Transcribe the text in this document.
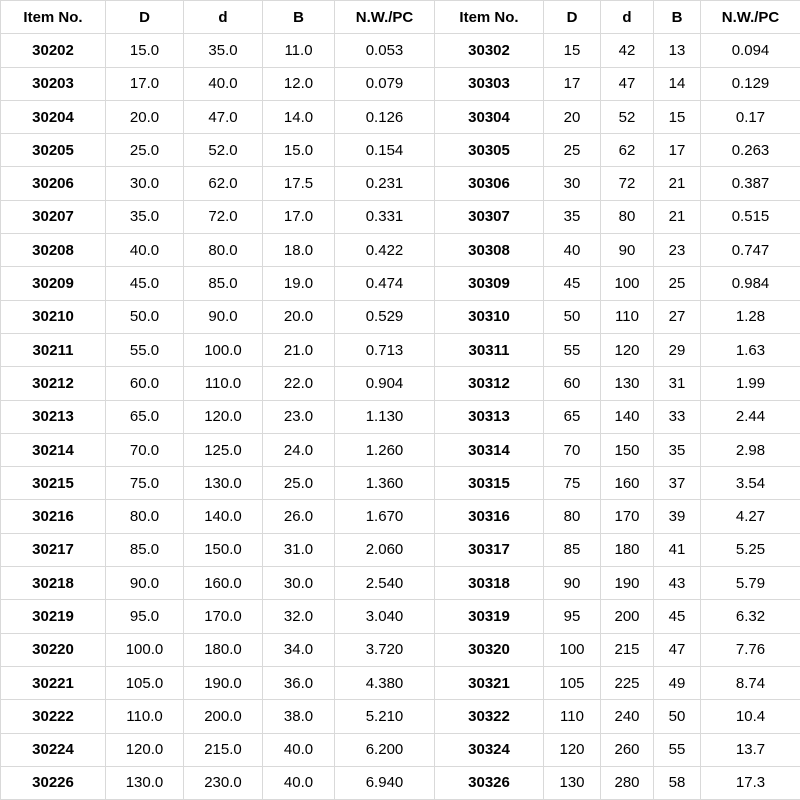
Item No.	D	d	B	N.W./PC	Item No.	D	d	B	N.W./PC
30202	15.0	35.0	11.0	0.053	30302	15	42	13	0.094
30203	17.0	40.0	12.0	0.079	30303	17	47	14	0.129
30204	20.0	47.0	14.0	0.126	30304	20	52	15	0.17
30205	25.0	52.0	15.0	0.154	30305	25	62	17	0.263
30206	30.0	62.0	17.5	0.231	30306	30	72	21	0.387
30207	35.0	72.0	17.0	0.331	30307	35	80	21	0.515
30208	40.0	80.0	18.0	0.422	30308	40	90	23	0.747
30209	45.0	85.0	19.0	0.474	30309	45	100	25	0.984
30210	50.0	90.0	20.0	0.529	30310	50	110	27	1.28
30211	55.0	100.0	21.0	0.713	30311	55	120	29	1.63
30212	60.0	110.0	22.0	0.904	30312	60	130	31	1.99
30213	65.0	120.0	23.0	1.130	30313	65	140	33	2.44
30214	70.0	125.0	24.0	1.260	30314	70	150	35	2.98
30215	75.0	130.0	25.0	1.360	30315	75	160	37	3.54
30216	80.0	140.0	26.0	1.670	30316	80	170	39	4.27
30217	85.0	150.0	31.0	2.060	30317	85	180	41	5.25
30218	90.0	160.0	30.0	2.540	30318	90	190	43	5.79
30219	95.0	170.0	32.0	3.040	30319	95	200	45	6.32
30220	100.0	180.0	34.0	3.720	30320	100	215	47	7.76
30221	105.0	190.0	36.0	4.380	30321	105	225	49	8.74
30222	110.0	200.0	38.0	5.210	30322	110	240	50	10.4
30224	120.0	215.0	40.0	6.200	30324	120	260	55	13.7
30226	130.0	230.0	40.0	6.940	30326	130	280	58	17.3
